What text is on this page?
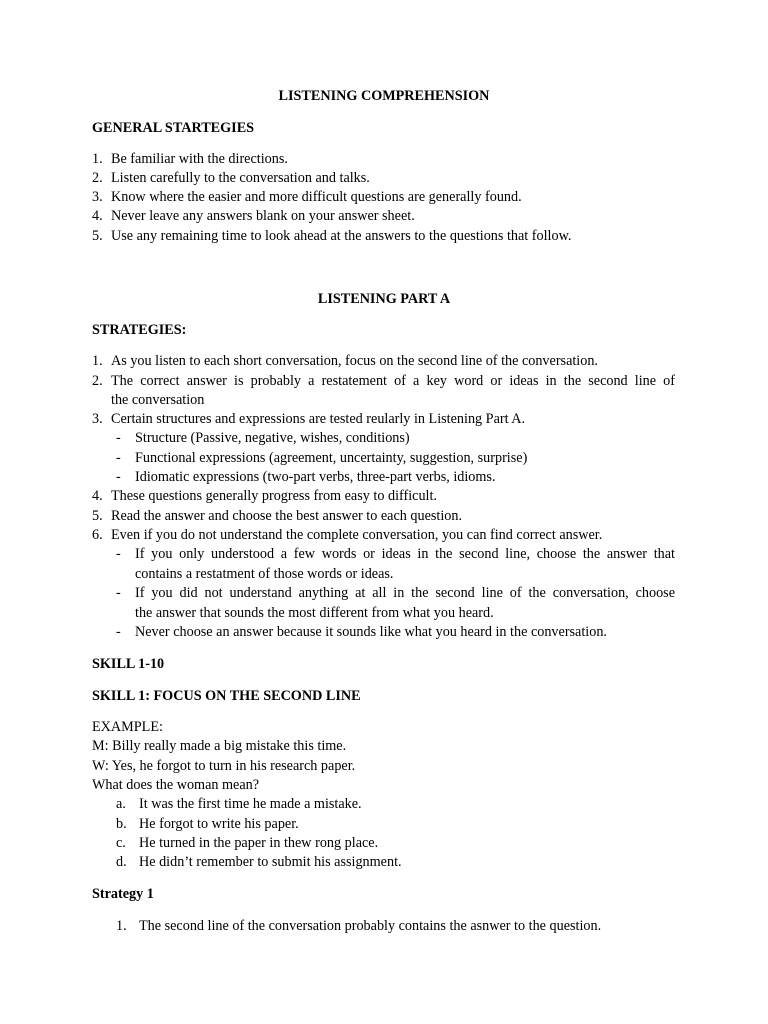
LISTENING COMPREHENSION
GENERAL STARTEGIES
1. Be familiar with the directions.
2. Listen carefully to the conversation and talks.
3. Know where the easier and more difficult questions are generally found.
4. Never leave any answers blank on your answer sheet.
5. Use any remaining time to look ahead at the answers to the questions that follow.
LISTENING PART A
STRATEGIES:
1. As you listen to each short conversation, focus on the second line of the conversation.
2. The correct answer is probably a restatement of a key word or ideas in the second line of
the conversation
3. Certain structures and expressions are tested reularly in Listening Part A.
- Structure (Passive, negative, wishes, conditions)
- Functional expressions (agreement, uncertainty, suggestion, surprise)
- Idiomatic expressions (two-part verbs, three-part verbs, idioms.
4. These questions generally progress from easy to difficult.
5. Read the answer and choose the best answer to each question.
6. Even if you do not understand the complete conversation, you can find correct answer.
- If you only understood a few words or ideas in the second line, choose the answer that
contains a restatment of those words or ideas.
- If you did not understand anything at all in the second line of the conversation, choose
the answer that sounds the most different from what you heard.
- Never choose an answer because it sounds like what you heard in the conversation.
SKILL 1-10
SKILL 1: FOCUS ON THE SECOND LINE
EXAMPLE:
M: Billy really made a big mistake this time.
W: Yes, he forgot to turn in his research paper.
What does the woman mean?
a. It was the first time he made a mistake.
b. He forgot to write his paper.
c. He turned in the paper in thew rong place.
d. He didn’t remember to submit his assignment.
Strategy 1
1. The second line of the conversation probably contains the asnwer to the question.
